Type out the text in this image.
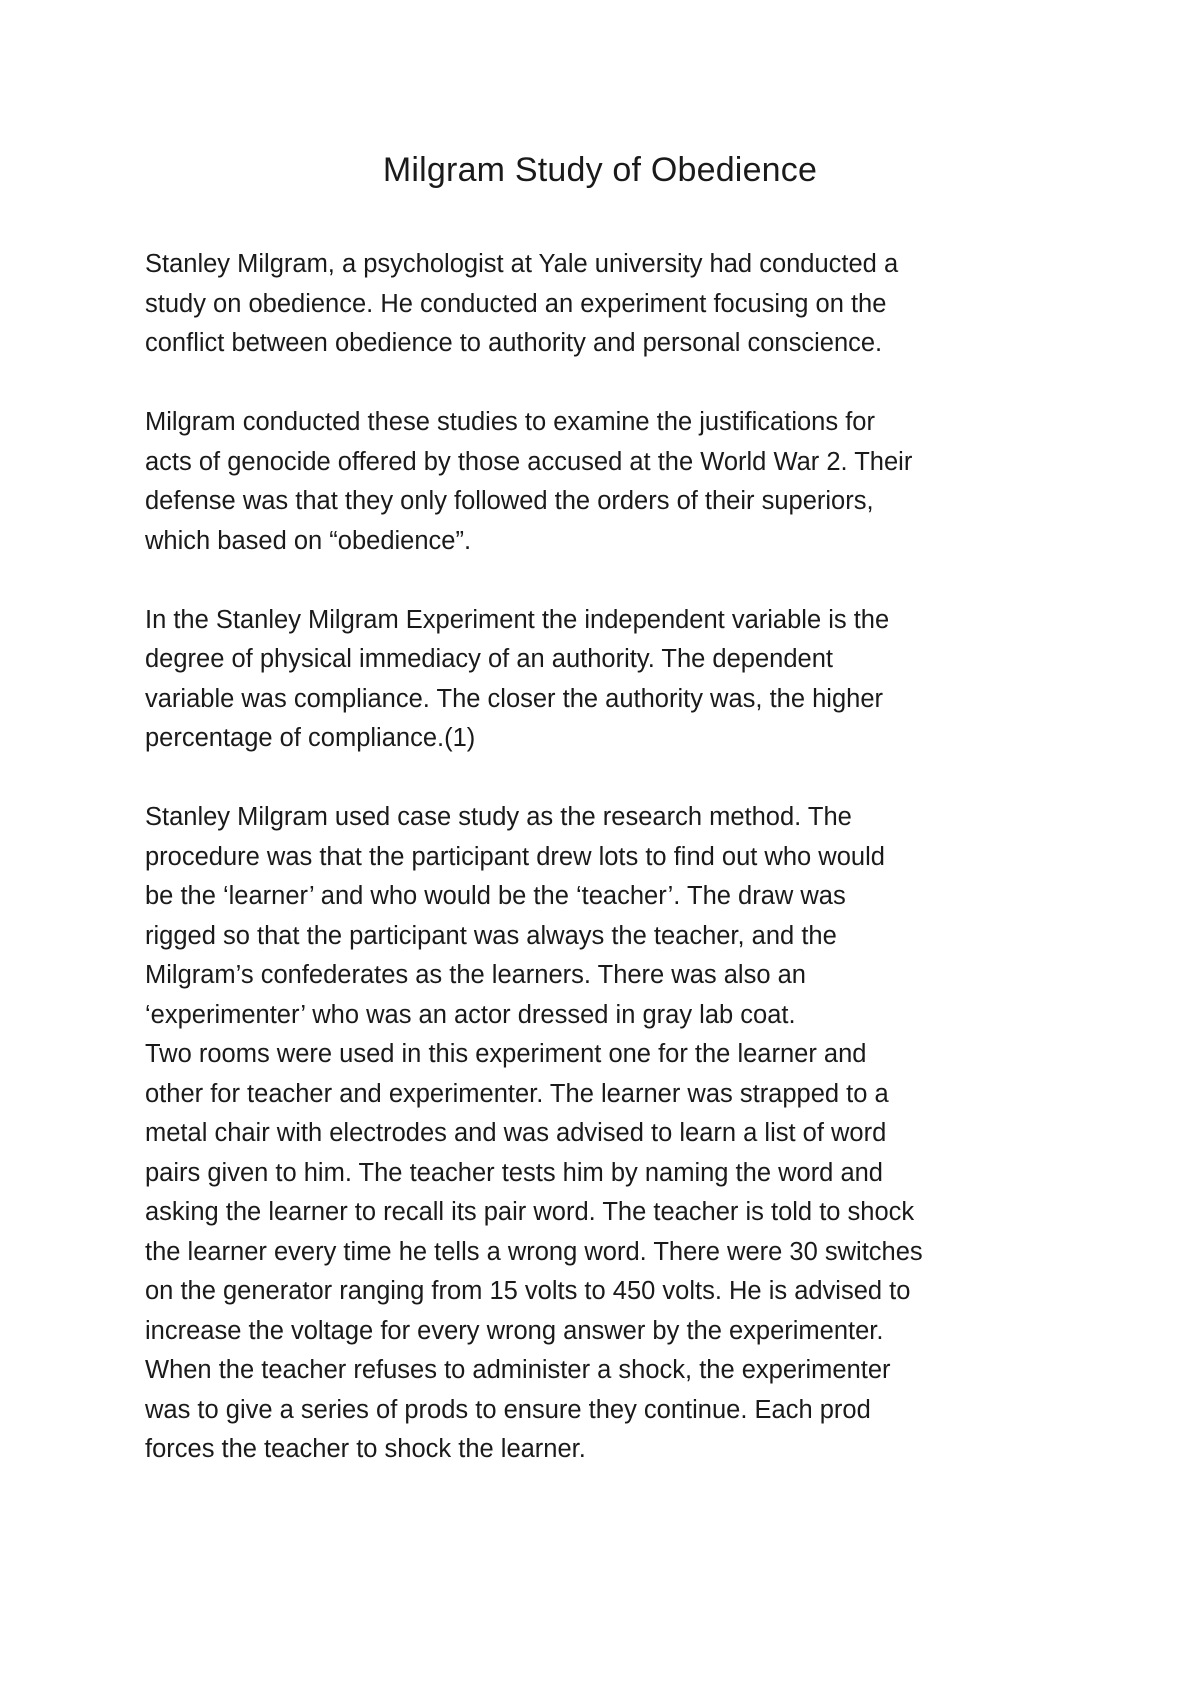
Milgram Study of Obedience
Stanley Milgram, a psychologist at Yale university had conducted a
study on obedience. He conducted an experiment focusing on the
conflict between obedience to authority and personal conscience.
Milgram conducted these studies to examine the justifications for
acts of genocide offered by those accused at the World War 2. Their
defense was that they only followed the orders of their superiors,
which based on “obedience”.
In the Stanley Milgram Experiment the independent variable is the
degree of physical immediacy of an authority. The dependent
variable was compliance. The closer the authority was, the higher
percentage of compliance.(1)
Stanley Milgram used case study as the research method. The
procedure was that the participant drew lots to find out who would
be the ‘learner’ and who would be the ‘teacher’. The draw was
rigged so that the participant was always the teacher, and the
Milgram’s confederates as the learners. There was also an
‘experimenter’ who was an actor dressed in gray lab coat.
Two rooms were used in this experiment one for the learner and
other for teacher and experimenter. The learner was strapped to a
metal chair with electrodes and was advised to learn a list of word
pairs given to him. The teacher tests him by naming the word and
asking the learner to recall its pair word. The teacher is told to shock
the learner every time he tells a wrong word. There were 30 switches
on the generator ranging from 15 volts to 450 volts. He is advised to
increase the voltage for every wrong answer by the experimenter.
When the teacher refuses to administer a shock, the experimenter
was to give a series of prods to ensure they continue. Each prod
forces the teacher to shock the learner.
